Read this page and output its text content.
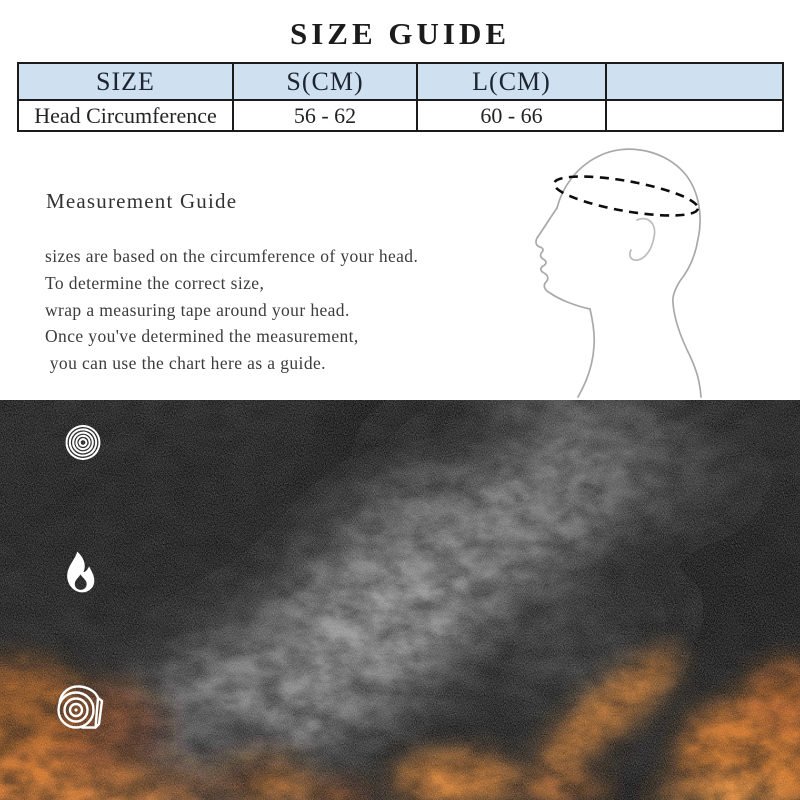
SIZE GUIDE
SIZE	S(CM)	L(CM)	
Head Circumference	56 - 62	60 - 66	
Measurement Guide
sizes are based on the circumference of your head.
To determine the correct size,
wrap a measuring tape around your head.
Once you've determined the measurement,
you can use the chart here as a guide.
